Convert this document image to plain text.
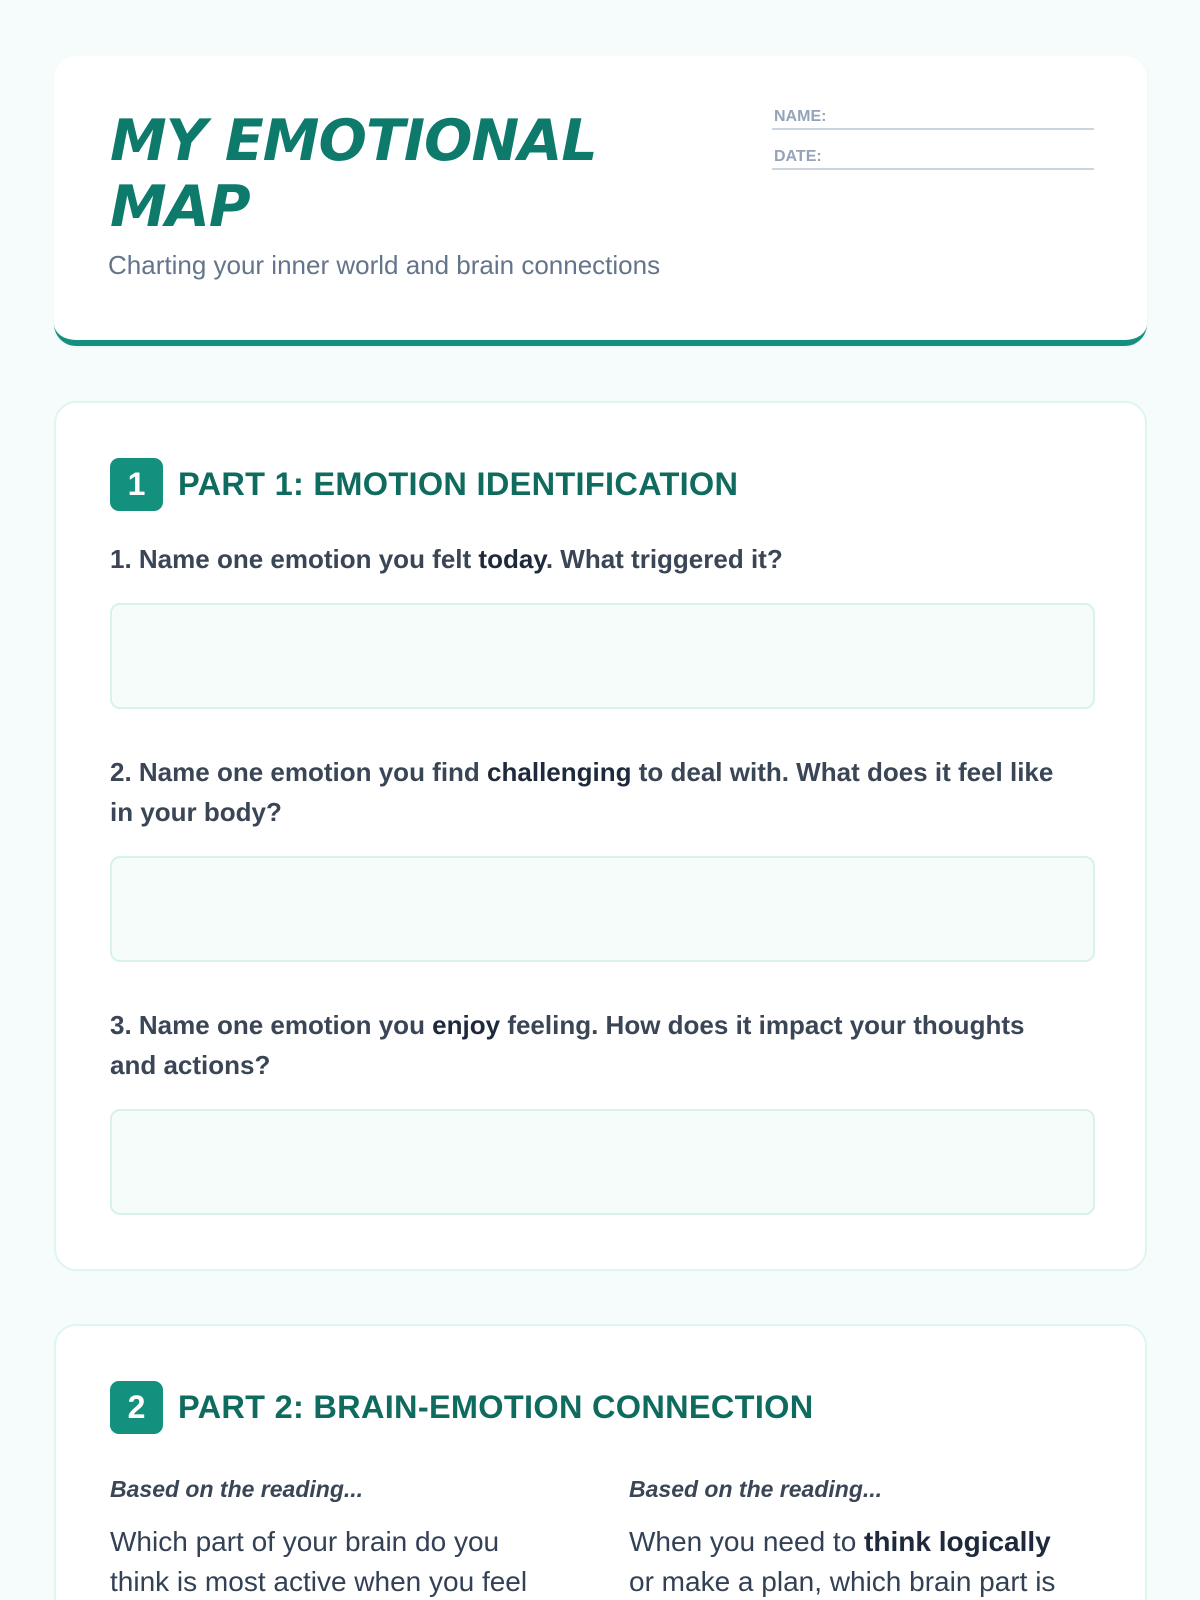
MY EMOTIONAL MAP
Charting your inner world and brain connections
NAME:
DATE:
1	PART 1: EMOTION IDENTIFICATION

1. Name one emotion you felt today. What triggered it?

2. Name one emotion you find challenging to deal with. What does it feel like in your body?

3. Name one emotion you enjoy feeling. How does it impact your thoughts and actions?

2	PART 2: BRAIN-EMOTION CONNECTION
Based on the reading...

Which part of your brain do you think is most active when you feel

Based on the reading...

When you need to think logically or make a plan, which brain part is
